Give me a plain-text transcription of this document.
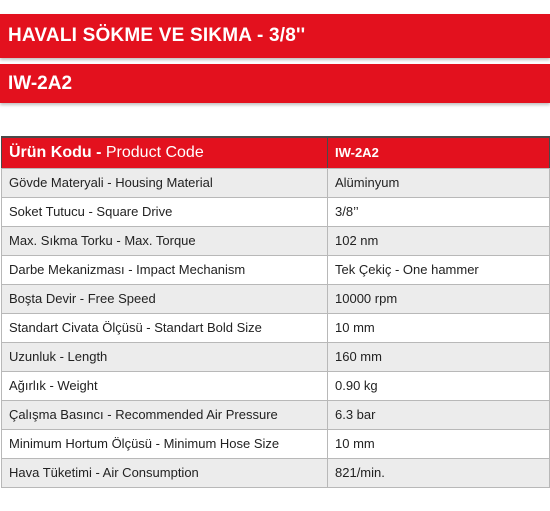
HAVALI SÖKME VE SIKMA - 3/8''
IW-2A2
Ürün Kodu - Product Code	IW-2A2
Gövde Materyali - Housing Material	Alüminyum
Soket Tutucu - Square Drive	3/8’’
Max. Sıkma Torku - Max. Torque	102 nm
Darbe Mekanizması - Impact Mechanism	Tek Çekiç - One hammer
Boşta Devir - Free Speed	10000 rpm
Standart Civata Ölçüsü - Standart Bold Size	10 mm
Uzunluk - Length	160 mm
Ağırlık - Weight	0.90 kg
Çalışma Basıncı - Recommended Air Pressure	6.3 bar
Minimum Hortum Ölçüsü - Minimum Hose Size	10 mm
Hava Tüketimi - Air Consumption	821/min.
